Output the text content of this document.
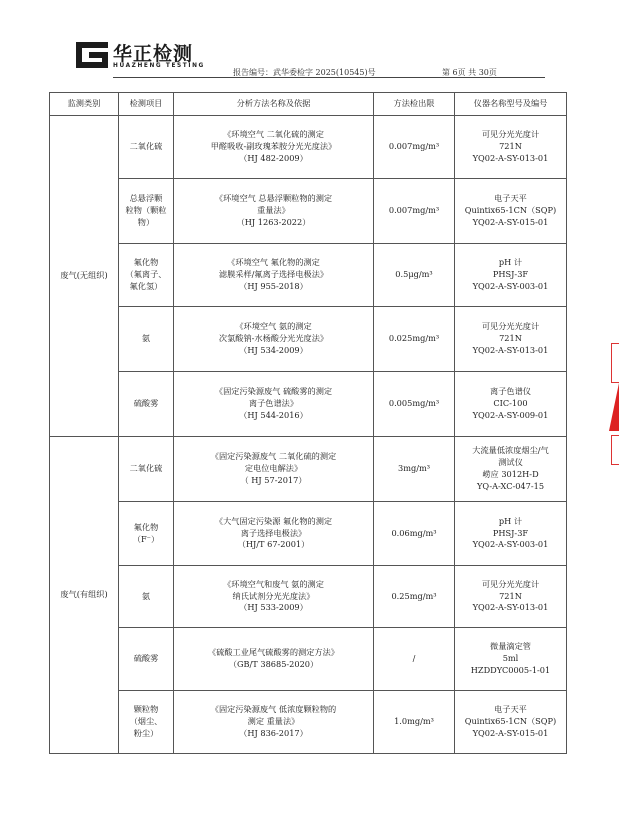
华正检测
HUAZHENG TESTING
报告编号：武华委检字 2025(10545)号	第 6页 共 30页
监测类别	检测项目	分析方法名称及依据	方法检出限	仪器名称型号及编号
废气(无组织)	二氧化硫	《环境空气 二氧化硫的测定
甲醛吸收-副玫瑰苯胺分光光度法》
（HJ 482-2009）	0.007mg/m³	可见分光光度计
721N
YQ02-A-SY-013-01
	总悬浮颗
粒物（颗粒
物）	《环境空气 总悬浮颗粒物的测定
重量法》
（HJ 1263-2022）	0.007mg/m³	电子天平
Quintix65-1CN（SQP)
YQ02-A-SY-015-01
	氟化物
（氟离子、
氟化氢）	《环境空气 氟化物的测定
滤膜采样/氟离子选择电极法》
（HJ 955-2018）	0.5μg/m³	pH 计
PHSJ-3F
YQ02-A-SY-003-01
	氨	《环境空气 氨的测定
次氯酸钠-水杨酸分光光度法》
（HJ 534-2009）	0.025mg/m³	可见分光光度计
721N
YQ02-A-SY-013-01
	硫酸雾	《固定污染源废气 硫酸雾的测定
离子色谱法》
（HJ 544-2016）	0.005mg/m³	离子色谱仪
CIC-100
YQ02-A-SY-009-01
废气(有组织)	二氧化硫	《固定污染源废气 二氧化硫的测定
定电位电解法》
（ HJ 57-2017）	3mg/m³	大流量低浓度烟尘/气
测试仪
崂应 3012H-D
YQ-A-XC-047-15
	氟化物
（F⁻）	《大气固定污染源 氟化物的测定
离子选择电极法》
（HJ/T 67-2001）	0.06mg/m³	pH 计
PHSJ-3F
YQ02-A-SY-003-01
	氨	《环境空气和废气 氨的测定
纳氏试剂分光光度法》
（HJ 533-2009）	0.25mg/m³	可见分光光度计
721N
YQ02-A-SY-013-01
	硫酸雾	《硫酸工业尾气硫酸雾的测定方法》
（GB/T 38685-2020）	/	微量滴定管
5ml
HZDDYC0005-1-01
	颗粒物
（烟尘、
粉尘）	《固定污染源废气 低浓度颗粒物的
测定 重量法》
（HJ 836-2017）	1.0mg/m³	电子天平
Quintix65-1CN（SQP)
YQ02-A-SY-015-01
